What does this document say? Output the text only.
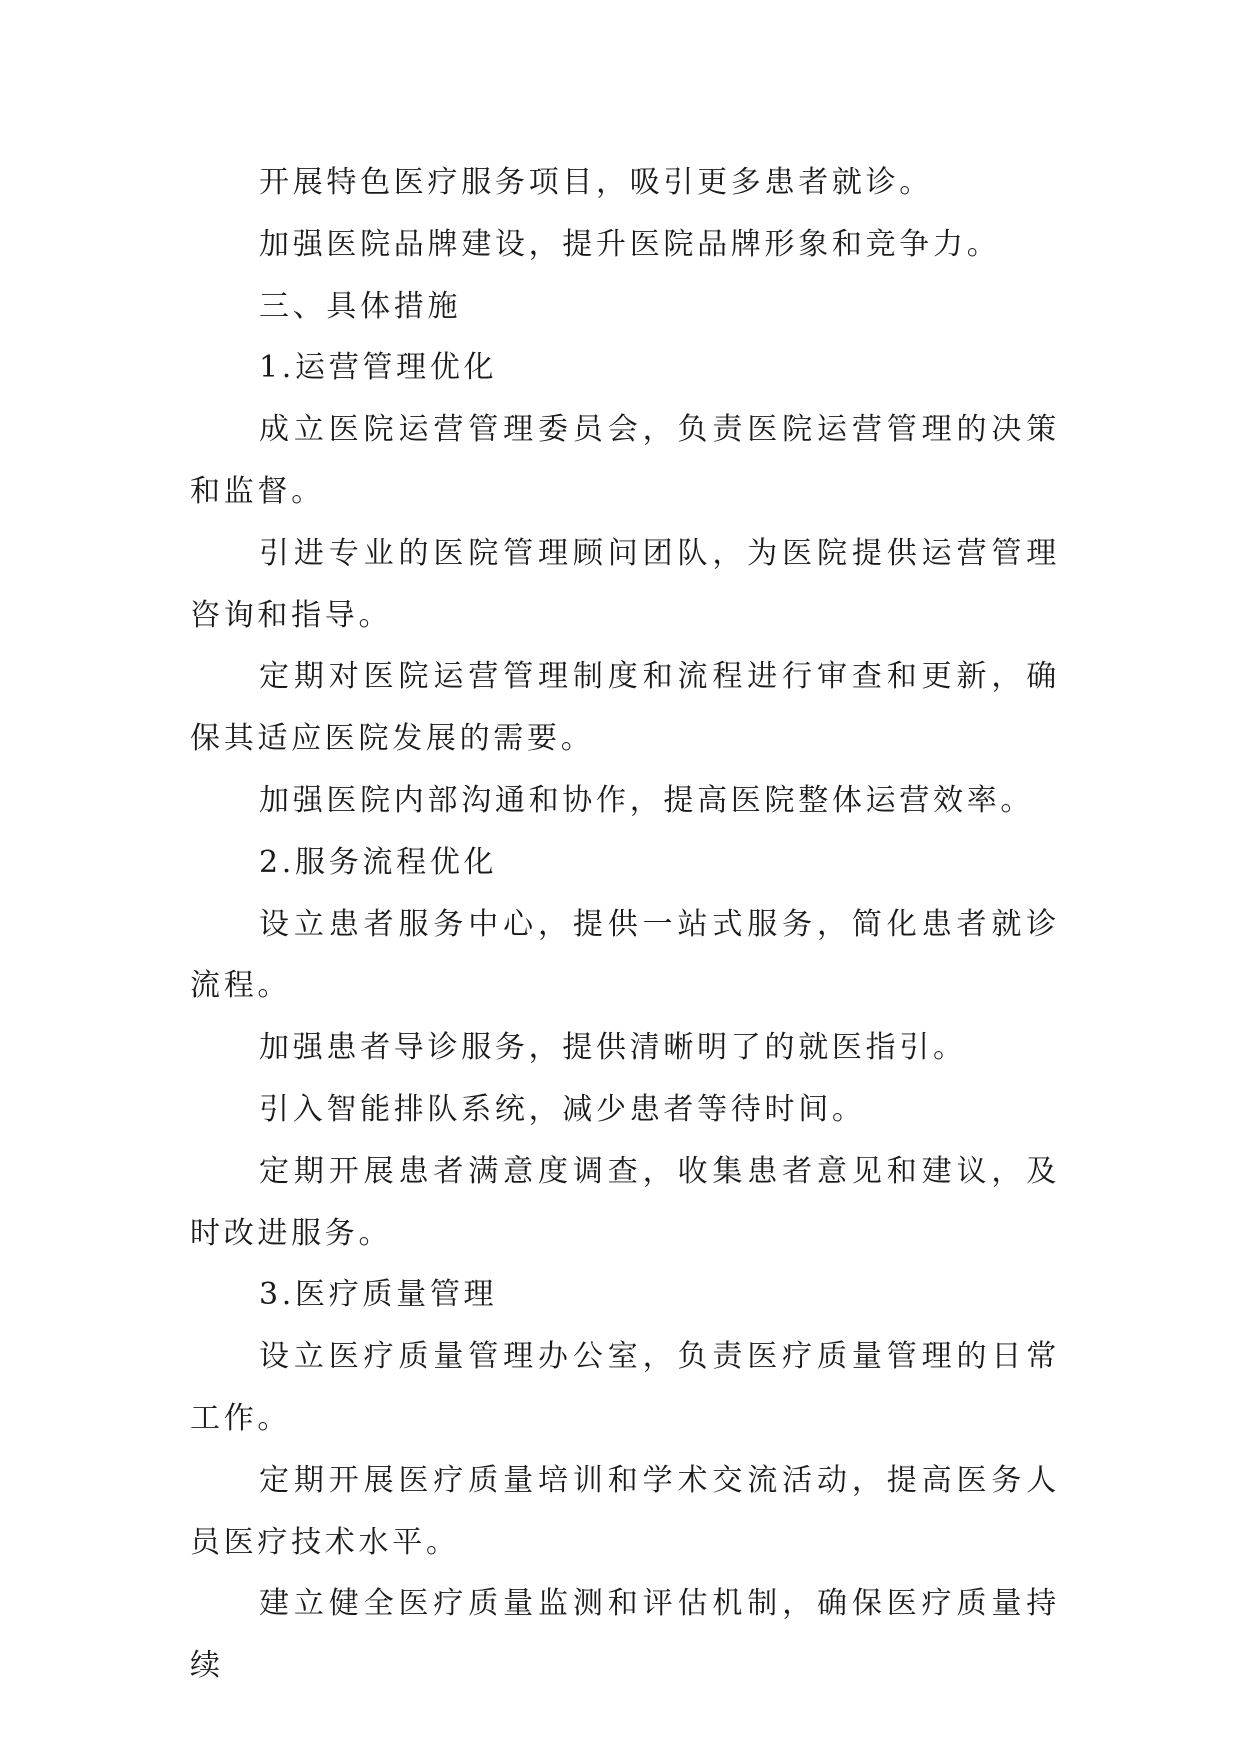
开展特色医疗服务项目，吸引更多患者就诊。

加强医院品牌建设，提升医院品牌形象和竞争力。

三、具体措施

1.运营管理优化

成立医院运营管理委员会，负责医院运营管理的决策和监督。

引进专业的医院管理顾问团队，为医院提供运营管理咨询和指导。

定期对医院运营管理制度和流程进行审查和更新，确保其适应医院发展的需要。

加强医院内部沟通和协作，提高医院整体运营效率。

2.服务流程优化

设立患者服务中心，提供一站式服务，简化患者就诊流程。

加强患者导诊服务，提供清晰明了的就医指引。

引入智能排队系统，减少患者等待时间。

定期开展患者满意度调查，收集患者意见和建议，及时改进服务。

3.医疗质量管理

设立医疗质量管理办公室，负责医疗质量管理的日常工作。

定期开展医疗质量培训和学术交流活动，提高医务人员医疗技术水平。

建立健全医疗质量监测和评估机制，确保医疗质量持续
